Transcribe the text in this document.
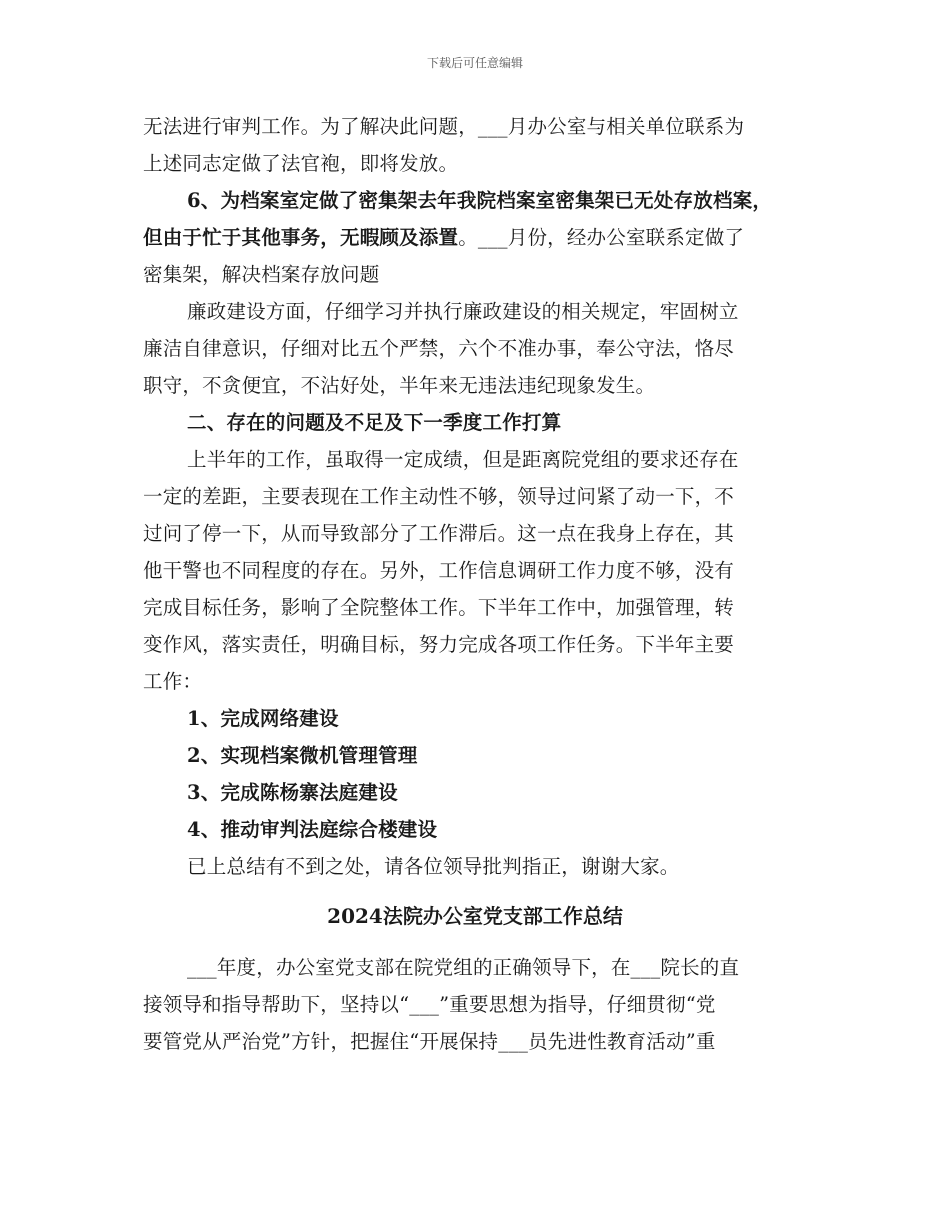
下载后可任意编辑
无法进行审判工作。为了解决此问题，___月办公室与相关单位联系为
上述同志定做了法官袍，即将发放。
6、为档案室定做了密集架去年我院档案室密集架已无处存放档案，
但由于忙于其他事务，无暇顾及添置。___月份，经办公室联系定做了
密集架，解决档案存放问题
廉政建设方面，仔细学习并执行廉政建设的相关规定，牢固树立
廉洁自律意识，仔细对比五个严禁，六个不准办事，奉公守法，恪尽
职守，不贪便宜，不沾好处，半年来无违法违纪现象发生。
二、存在的问题及不足及下一季度工作打算
上半年的工作，虽取得一定成绩，但是距离院党组的要求还存在
一定的差距，主要表现在工作主动性不够，领导过问紧了动一下，不
过问了停一下，从而导致部分了工作滞后。这一点在我身上存在，其
他干警也不同程度的存在。另外，工作信息调研工作力度不够，没有
完成目标任务，影响了全院整体工作。下半年工作中，加强管理，转
变作风，落实责任，明确目标，努力完成各项工作任务。下半年主要
工作：
1、完成网络建设
2、实现档案微机管理管理
3、完成陈杨寨法庭建设
4、推动审判法庭综合楼建设
已上总结有不到之处，请各位领导批判指正，谢谢大家。
2024法院办公室党支部工作总结
___年度，办公室党支部在院党组的正确领导下，在___院长的直
接领导和指导帮助下，坚持以“___”重要思想为指导，仔细贯彻“党
要管党从严治党”方针，把握住“开展保持___员先进性教育活动”重
